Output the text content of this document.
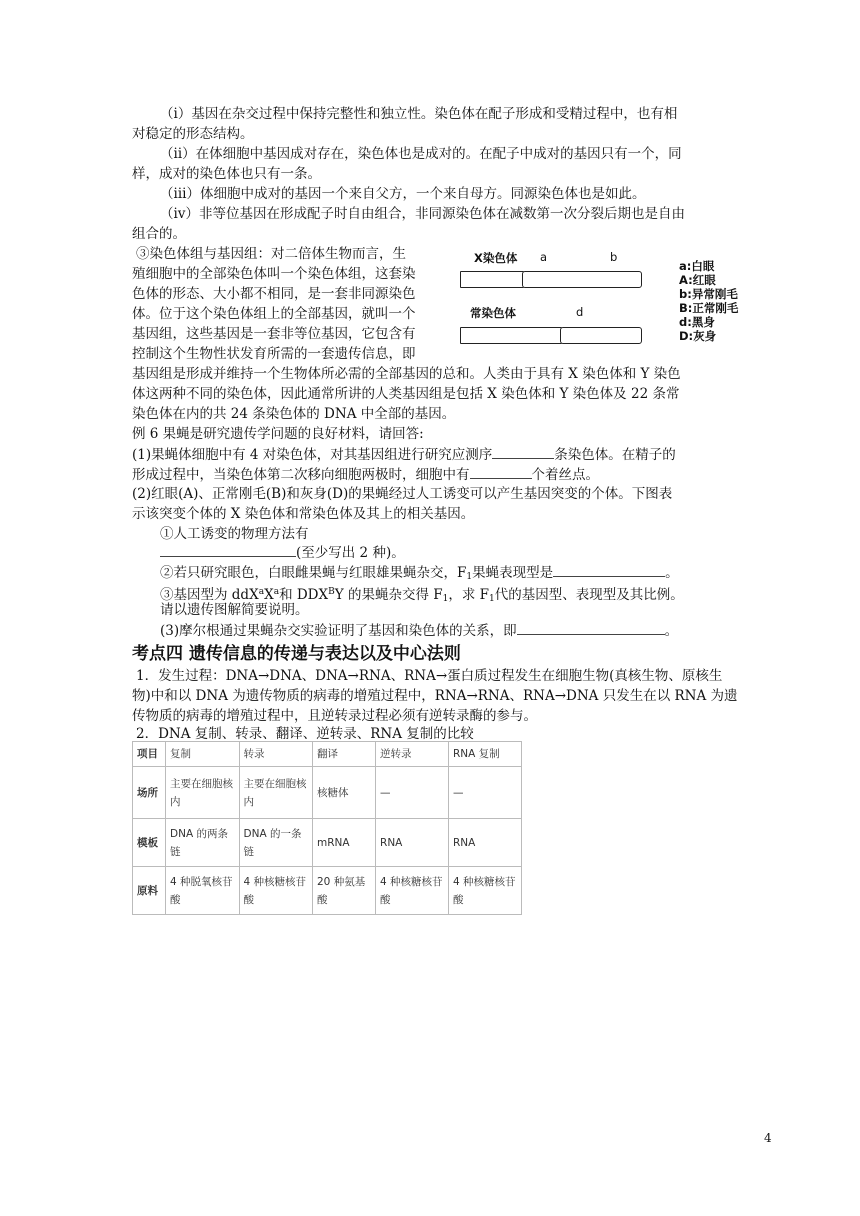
（ⅰ）基因在杂交过程中保持完整性和独立性。染色体在配子形成和受精过程中，也有相
对稳定的形态结构。
（ⅱ）在体细胞中基因成对存在，染色体也是成对的。在配子中成对的基因只有一个，同
样，成对的染色体也只有一条。
（ⅲ）体细胞中成对的基因一个来自父方，一个来自母方。同源染色体也是如此。
（ⅳ）非等位基因在形成配子时自由组合，非同源染色体在减数第一次分裂后期也是自由
组合的。
③染色体组与基因组：对二倍体生物而言，生
殖细胞中的全部染色体叫一个染色体组，这套染
色体的形态、大小都不相同，是一套非同源染色
体。位于这个染色体组上的全部基因，就叫一个
基因组，这些基因是一套非等位基因，它包含有
控制这个生物性状发育所需的一套遗传信息，即
基因组是形成并维持一个生物体所必需的全部基因的总和。人类由于具有 X 染色体和 Y 染色
体这两种不同的染色体，因此通常所讲的人类基因组是包括 X 染色体和 Y 染色体及 22 条常
染色体在内的共 24 条染色体的 DNA 中全部的基因。
X染色体 a	b
常染色体	d
a:白眼
A:红眼
b:异常刚毛
B:正常刚毛
d:黑身
D:灰身
例 6 果蝇是研究遗传学问题的良好材料，请回答:
(1)果蝇体细胞中有 4 对染色体，对其基因组进行研究应测序	条染色体。在精子的
形成过程中，当染色体第二次移向细胞两极时，细胞中有	个着丝点。
(2)红眼(A)、正常刚毛(B)和灰身(D)的果蝇经过人工诱变可以产生基因突变的个体。下图表
示该突变个体的 X 染色体和常染色体及其上的相关基因。
①人工诱变的物理方法有
(至少写出 2 种)。
②若只研究眼色，白眼雌果蝇与红眼雄果蝇杂交，$F_1$果蝇表现型是	。
③基因型为 $ddX^aX^a$和 $DDX^BY$ 的果蝇杂交得 $F_1$，求 $F_1$代的基因型、表现型及其比例。
请以遗传图解简要说明。
(3)摩尔根通过果蝇杂交实验证明了基因和染色体的关系，即	。
考点四 遗传信息的传递与表达以及中心法则
1．发生过程：DNA→DNA、DNA→RNA、RNA→蛋白质过程发生在细胞生物(真核生物、原核生
物)中和以 DNA 为遗传物质的病毒的增殖过程中，RNA→RNA、RNA→DNA 只发生在以 RNA 为遗
传物质的病毒的增殖过程中，且逆转录过程必须有逆转录酶的参与。
2．DNA 复制、转录、翻译、逆转录、RNA 复制的比较
项目	复制	转录	翻译	逆转录	RNA 复制
场所	主要在细胞核内	主要在细胞核内	核糖体	—	—
模板	DNA 的两条链	DNA 的一条链	mRNA	RNA	RNA
原料	4 种脱氧核苷酸	4 种核糖核苷酸	20 种氨基酸	4 种核糖核苷酸	4 种核糖核苷酸
4
